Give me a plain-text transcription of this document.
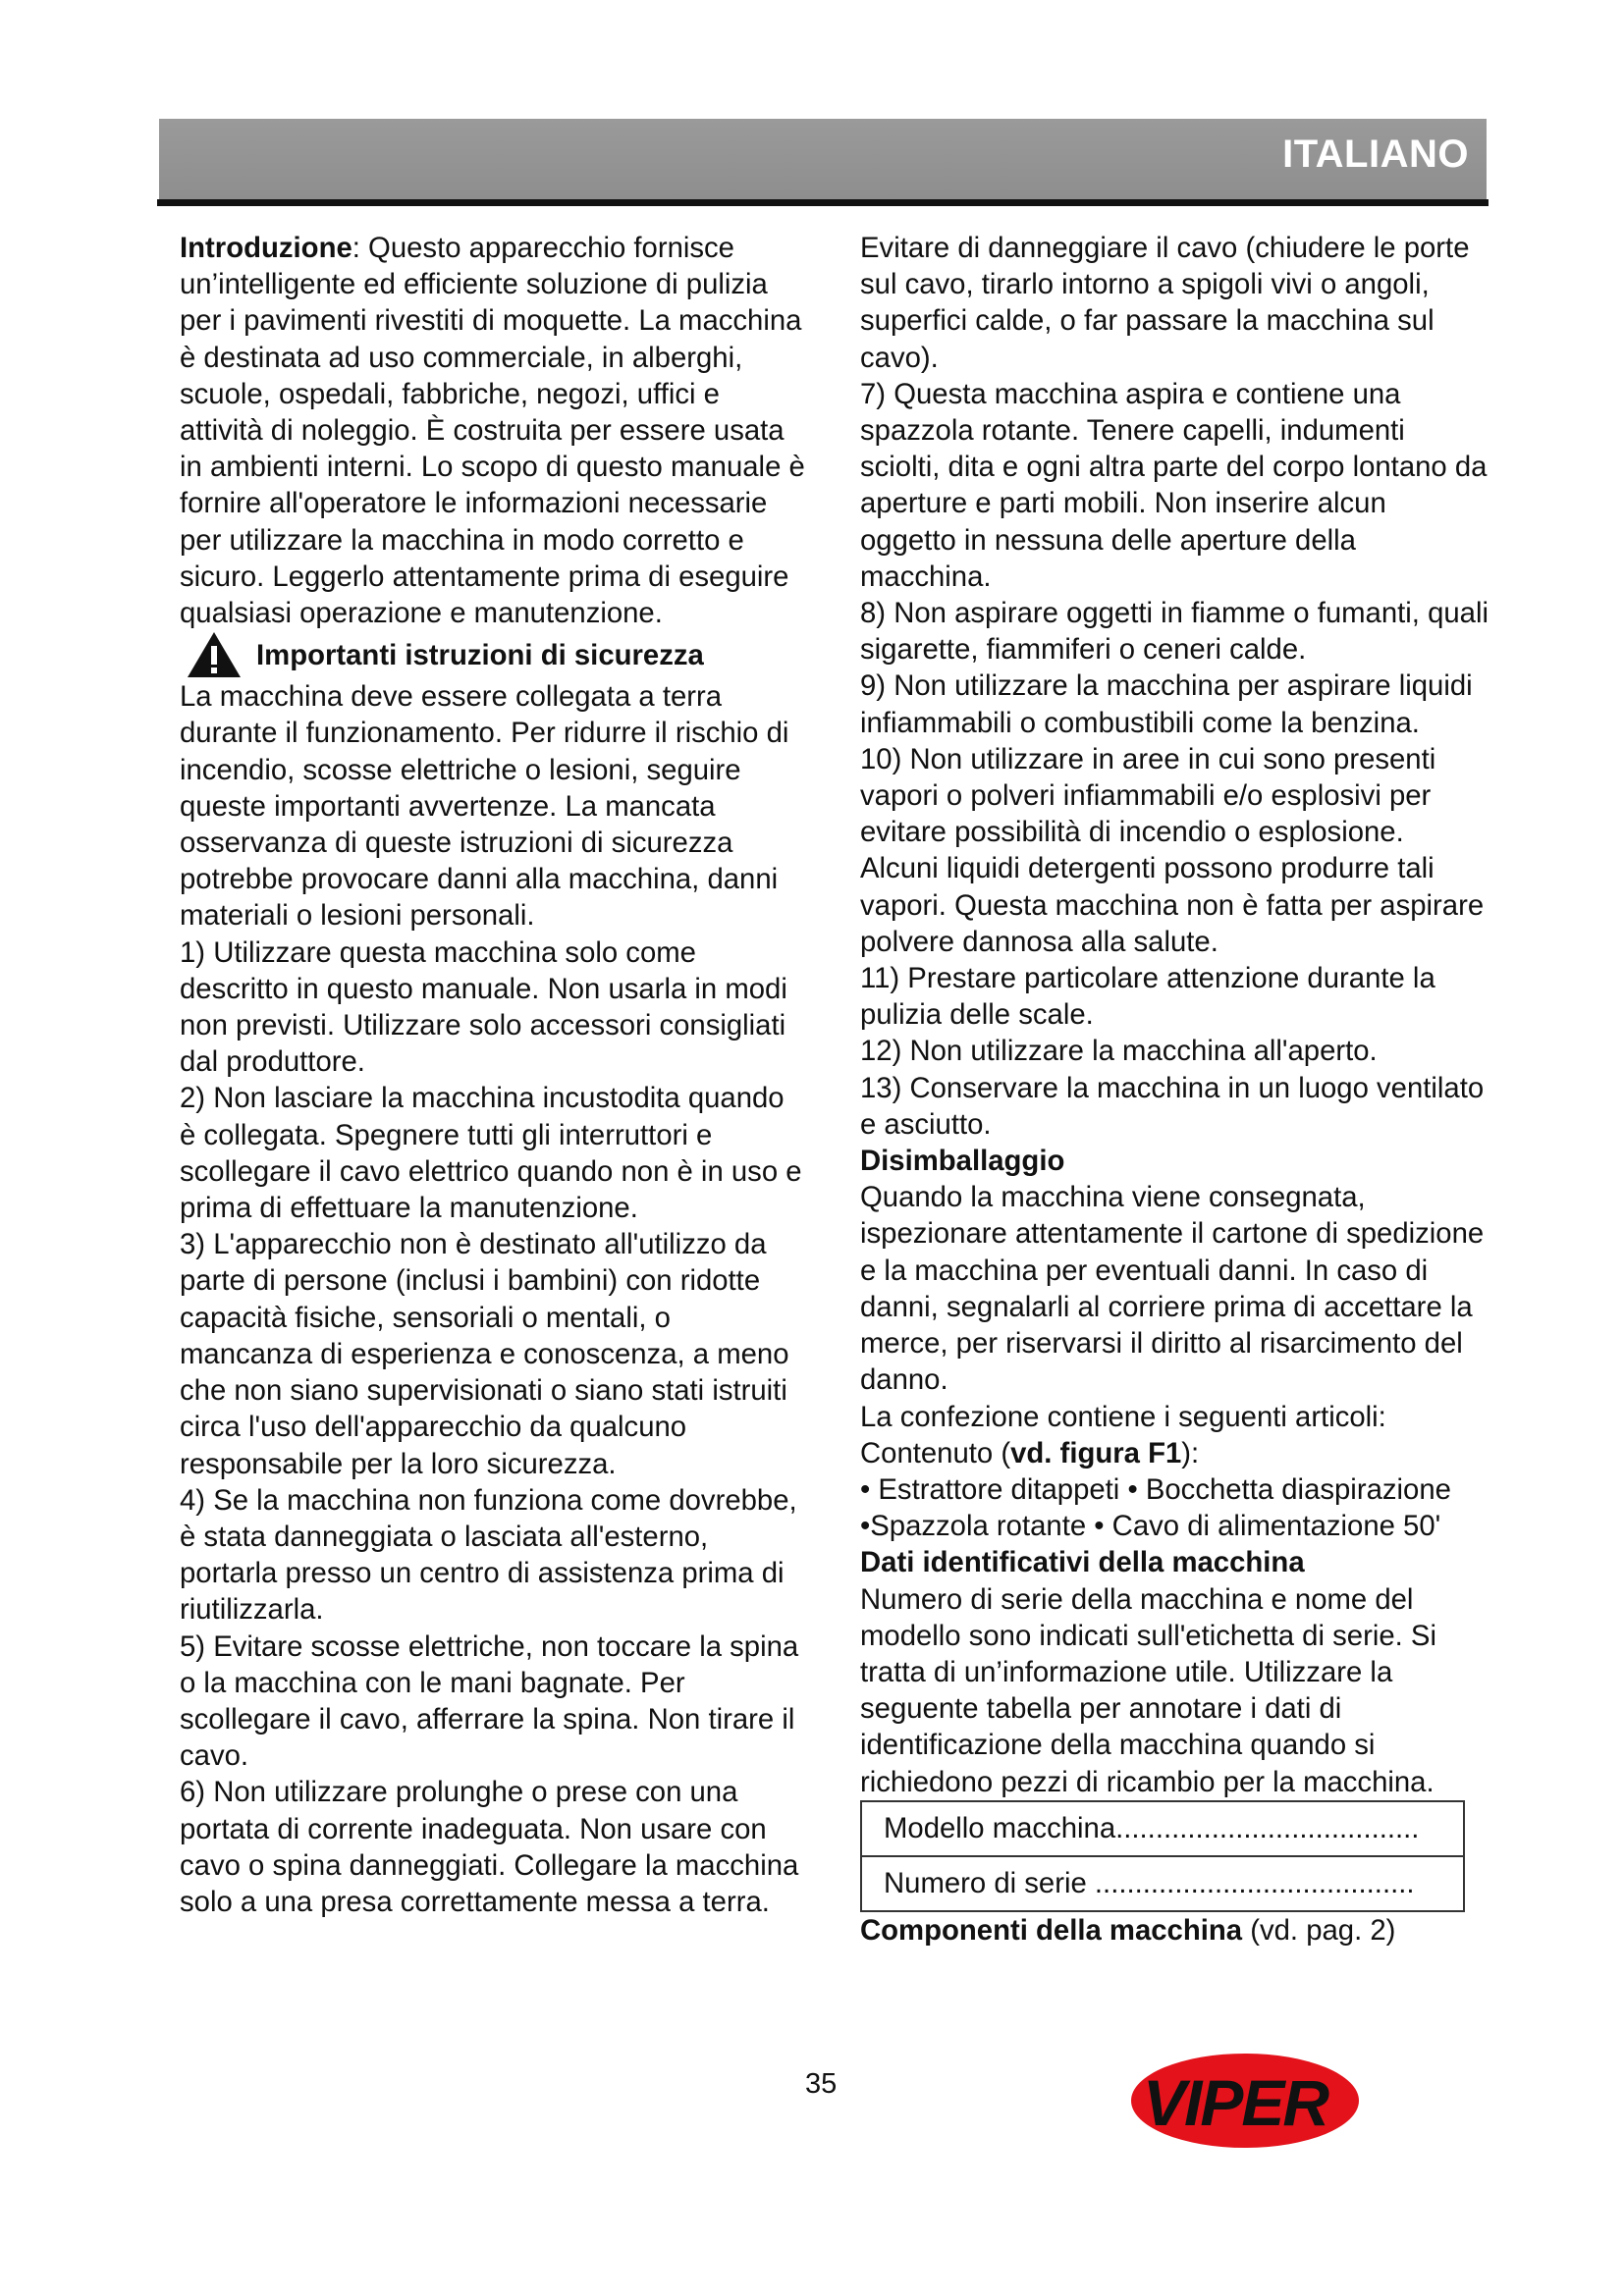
ITALIANO

Introduzione: Questo apparecchio fornisce un’intelligente ed efficiente soluzione di pulizia per i pavimenti rivestiti di moquette. La macchina è destinata ad uso commerciale, in alberghi, scuole, ospedali, fabbriche, negozi, uffici e attività di noleggio. È costruita per essere usata in ambienti interni. Lo scopo di questo manuale è fornire all'operatore le informazioni necessarie per utilizzare la macchina in modo corretto e sicuro. Leggerlo attentamente prima di eseguire qualsiasi operazione e manutenzione.

Importanti istruzioni di sicurezza

La macchina deve essere collegata a terra durante il funzionamento. Per ridurre il rischio di incendio, scosse elettriche o lesioni, seguire queste importanti avvertenze. La mancata osservanza di queste istruzioni di sicurezza potrebbe provocare danni alla macchina, danni materiali o lesioni personali.

1) Utilizzare questa macchina solo come descritto in questo manuale. Non usarla in modi non previsti. Utilizzare solo accessori consigliati dal produttore.

2) Non lasciare la macchina incustodita quando è collegata. Spegnere tutti gli interruttori e scollegare il cavo elettrico quando non è in uso e prima di effettuare la manutenzione.

3) L'apparecchio non è destinato all'utilizzo da parte di persone (inclusi i bambini) con ridotte capacità fisiche, sensoriali o mentali, o mancanza di esperienza e conoscenza, a meno che non siano supervisionati o siano stati istruiti circa l'uso dell'apparecchio da qualcuno responsabile per la loro sicurezza.

4) Se la macchina non funziona come dovrebbe, è stata danneggiata o lasciata all'esterno, portarla presso un centro di assistenza prima di riutilizzarla.

5) Evitare scosse elettriche, non toccare la spina o la macchina con le mani bagnate. Per scollegare il cavo, afferrare la spina. Non tirare il cavo.

6) Non utilizzare prolunghe o prese con una portata di corrente inadeguata. Non usare con cavo o spina danneggiati. Collegare la macchina solo a una presa correttamente messa a terra.

Evitare di danneggiare il cavo (chiudere le porte sul cavo, tirarlo intorno a spigoli vivi o angoli, superfici calde, o far passare la macchina sul cavo).

7) Questa macchina aspira e contiene una spazzola rotante. Tenere capelli, indumenti sciolti, dita e ogni altra parte del corpo lontano da aperture e parti mobili. Non inserire alcun oggetto in nessuna delle aperture della macchina.

8) Non aspirare oggetti in fiamme o fumanti, quali sigarette, fiammiferi o ceneri calde.

9) Non utilizzare la macchina per aspirare liquidi infiammabili o combustibili come la benzina.

10) Non utilizzare in aree in cui sono presenti vapori o polveri infiammabili e/o esplosivi per evitare possibilità di incendio o esplosione. Alcuni liquidi detergenti possono produrre tali vapori. Questa macchina non è fatta per aspirare polvere dannosa alla salute.

11) Prestare particolare attenzione durante la pulizia delle scale.

12) Non utilizzare la macchina all'aperto.

13) Conservare la macchina in un luogo ventilato e asciutto.

Disimballaggio

Quando la macchina viene consegnata, ispezionare attentamente il cartone di spedizione e la macchina per eventuali danni. In caso di danni, segnalarli al corriere prima di accettare la merce, per riservarsi il diritto al risarcimento del danno.

La confezione contiene i seguenti articoli:

Contenuto (vd. figura F1):

• Estrattore ditappeti • Bocchetta diaspirazione

•Spazzola rotante • Cavo di alimentazione 50'

Dati identificativi della macchina

Numero di serie della macchina e nome del modello sono indicati sull'etichetta di serie. Si tratta di un’informazione utile. Utilizzare la seguente tabella per annotare i dati di identificazione della macchina quando si richiedono pezzi di ricambio per la macchina.

Modello macchina......................................
Numero di serie ........................................

Componenti della macchina (vd. pag. 2)

35	VIPER
